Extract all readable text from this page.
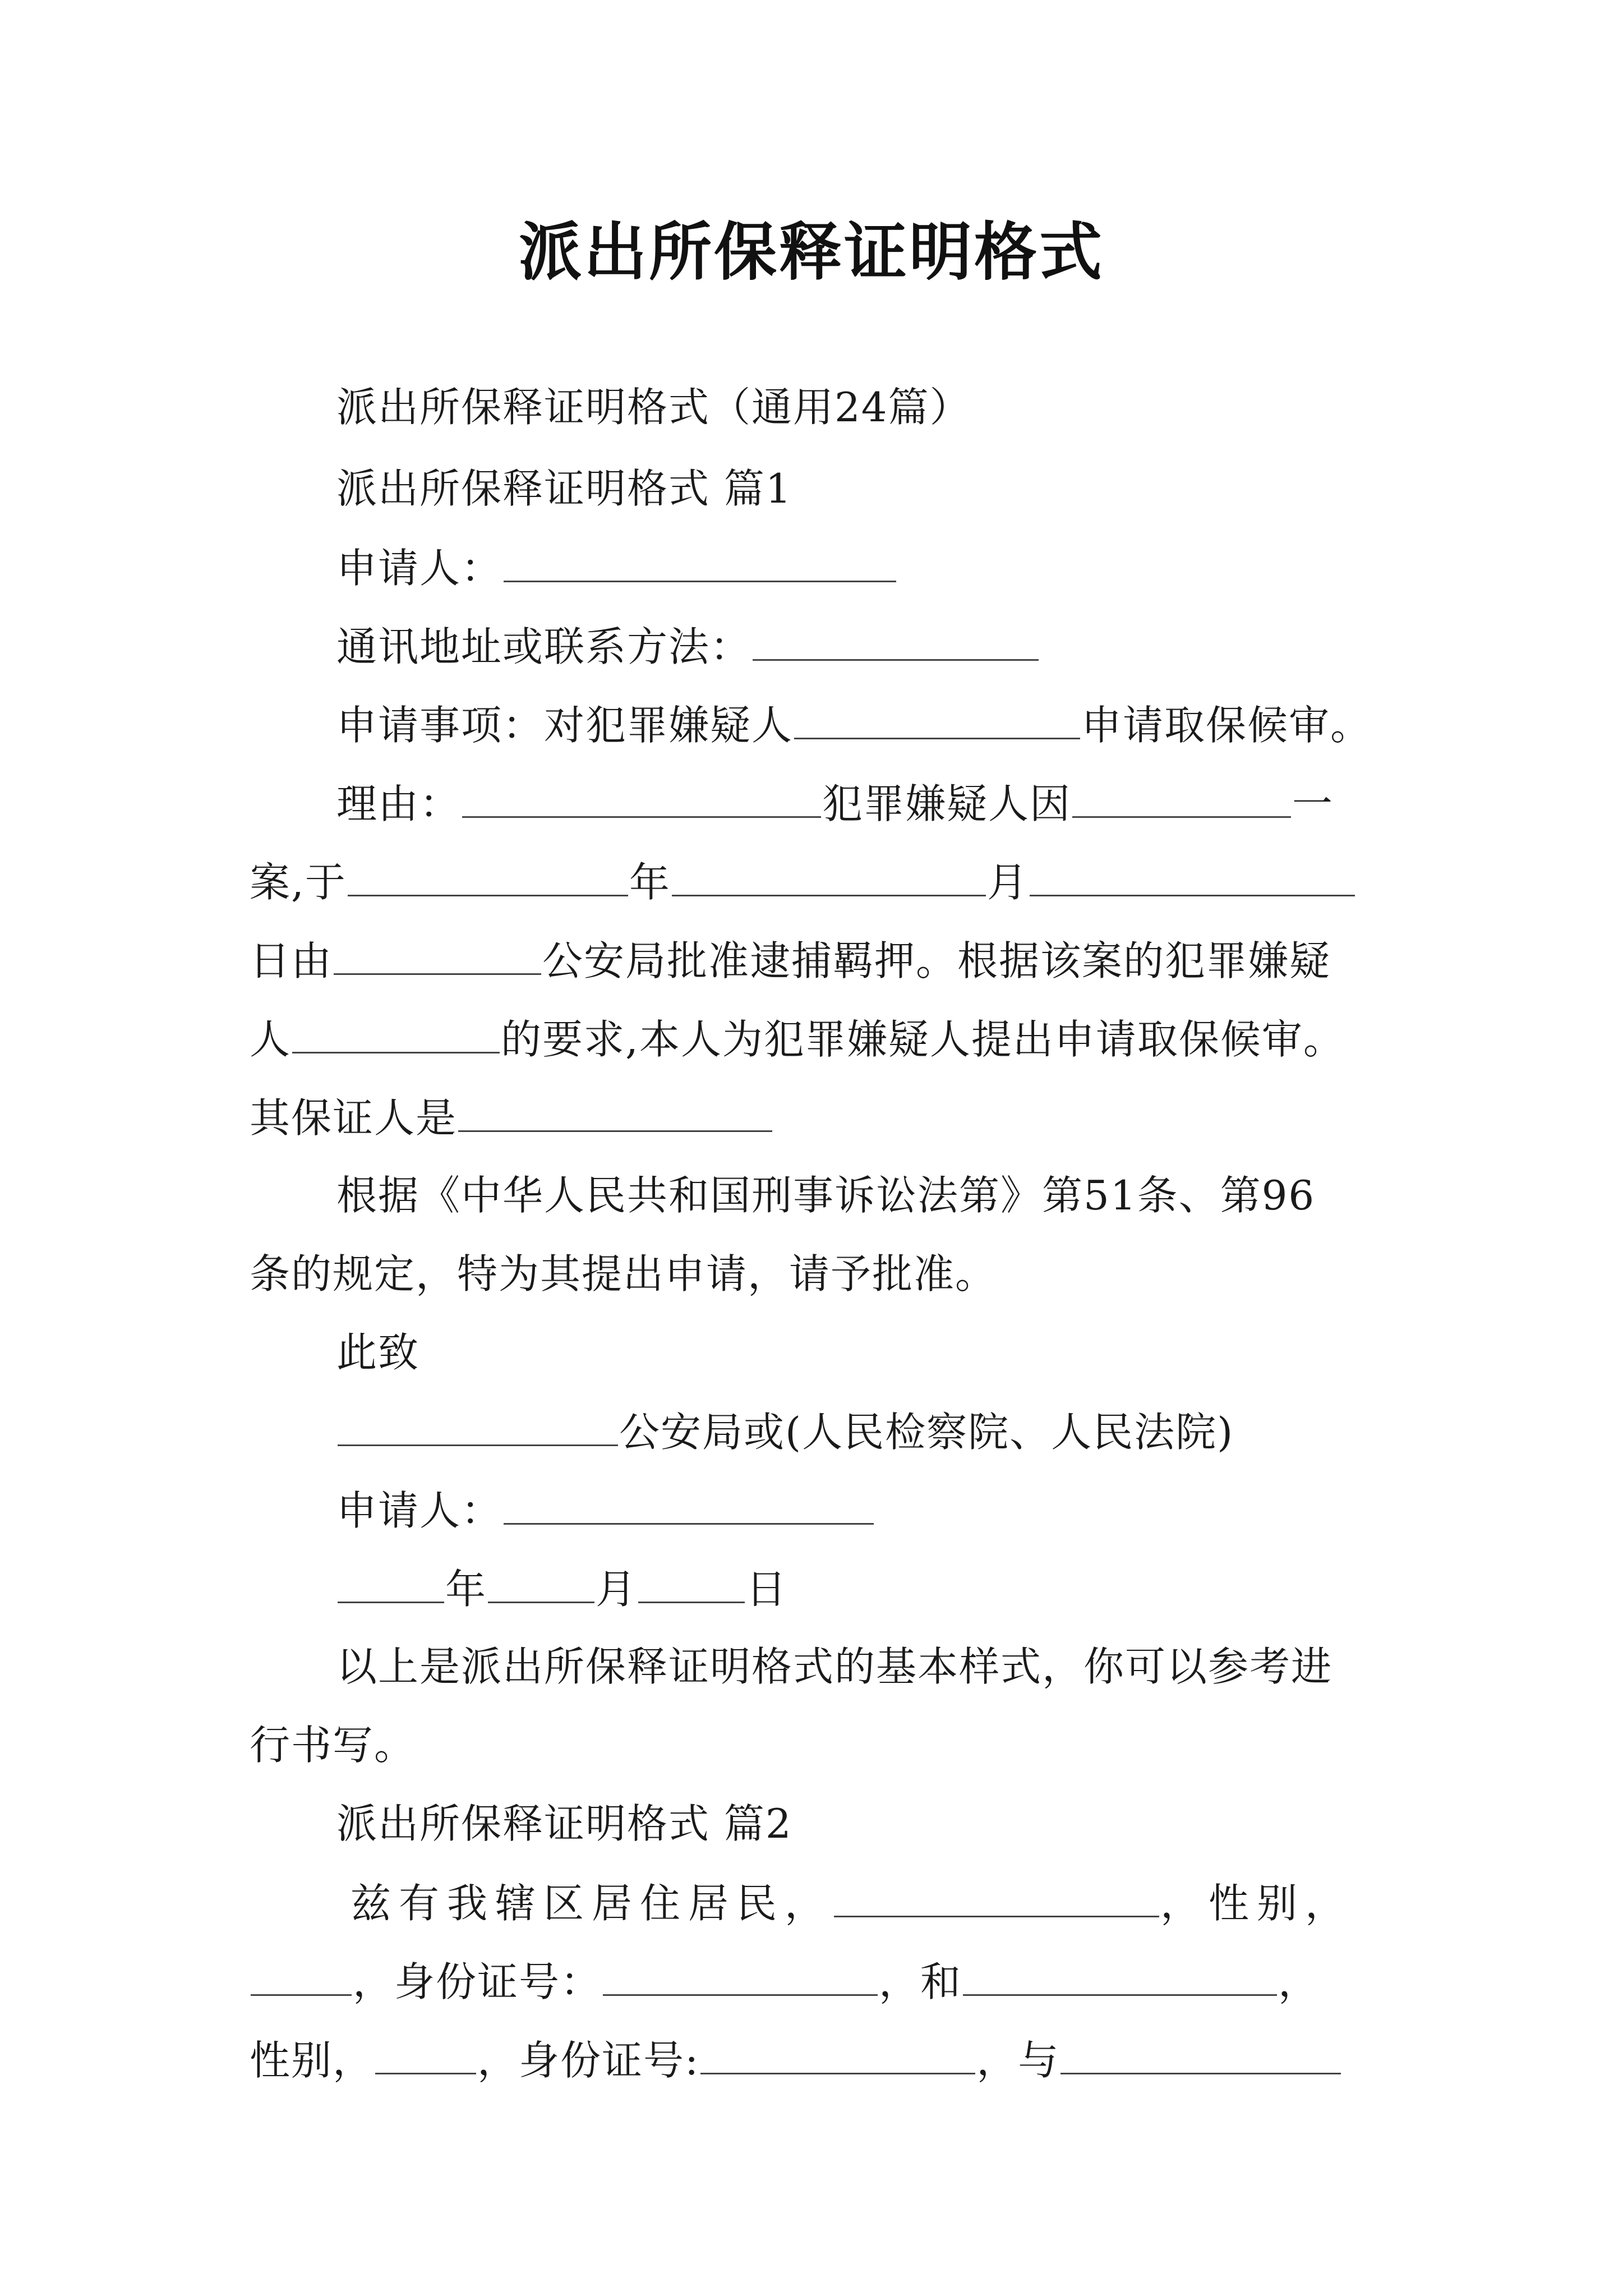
派出所保释证明格式
派出所保释证明格式（通用24篇）
派出所保释证明格式 篇1
申请人：
通讯地址或联系方法：
申请事项：对犯罪嫌疑人	申请取保候审。
理由：	犯罪嫌疑人因	一
案,于	年	月
日由	公安局批准逮捕羁押。根据该案的犯罪嫌疑
人	的要求,本人为犯罪嫌疑人提出申请取保候审。
其保证人是
根据《中华人民共和国刑事诉讼法第》第51条、第96
条的规定，特为其提出申请，请予批准。
此致
公安局或(人民检察院、人民法院)
申请人：
年	月	日
以上是派出所保释证明格式的基本样式，你可以参考进
行书写。
派出所保释证明格式 篇2
兹有我辖区居住居民，	，性别，
，身份证号：	，和	，
性别，	，身份证号:	，与
